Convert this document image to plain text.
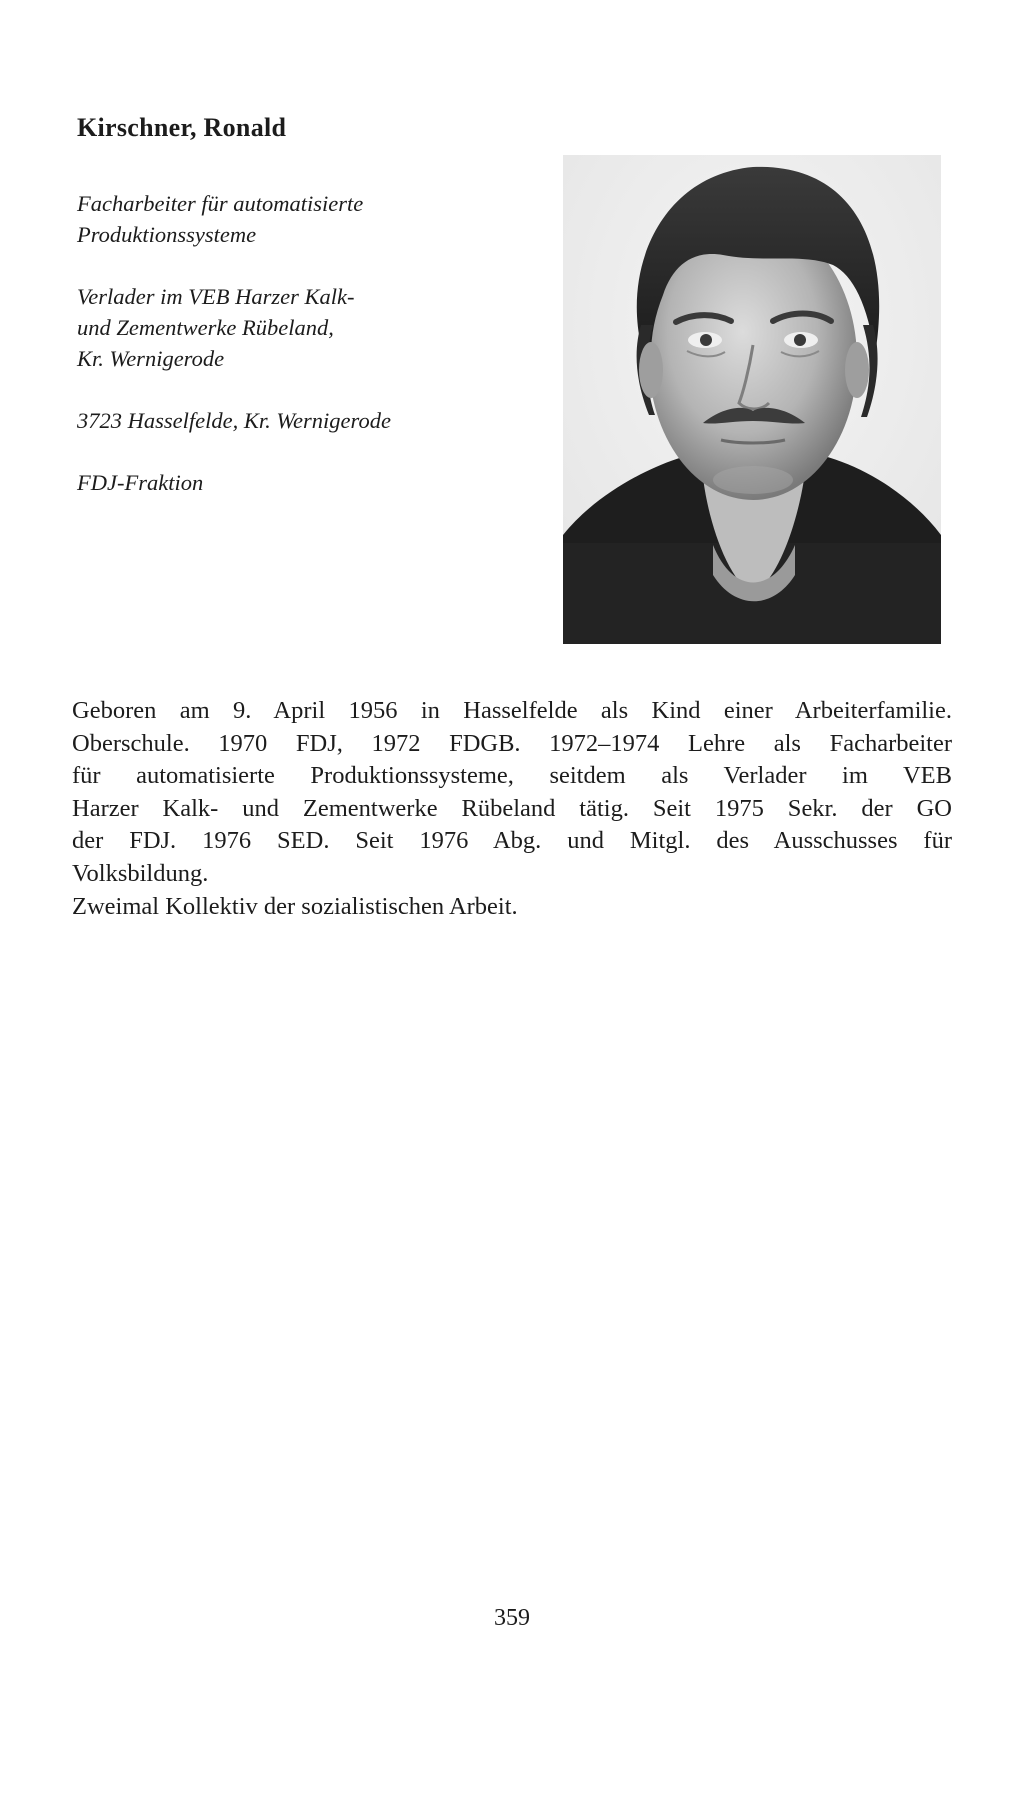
Kirschner, Ronald

Facharbeiter für automatisierte
Produktionssysteme

Verlader im VEB Harzer Kalk-
und Zementwerke Rübeland,
Kr. Wernigerode

3723 Hasselfelde, Kr. Wernigerode

FDJ-Fraktion

Geboren am 9. April 1956 in Hasselfelde als Kind einer Arbeiterfamilie.

Oberschule. 1970 FDJ, 1972 FDGB. 1972–1974 Lehre als Facharbeiter

für automatisierte Produktionssysteme, seitdem als Verlader im VEB

Harzer Kalk- und Zementwerke Rübeland tätig. Seit 1975 Sekr. der GO

der FDJ. 1976 SED. Seit 1976 Abg. und Mitgl. des Ausschusses für

Volksbildung.

Zweimal Kollektiv der sozialistischen Arbeit.

359
